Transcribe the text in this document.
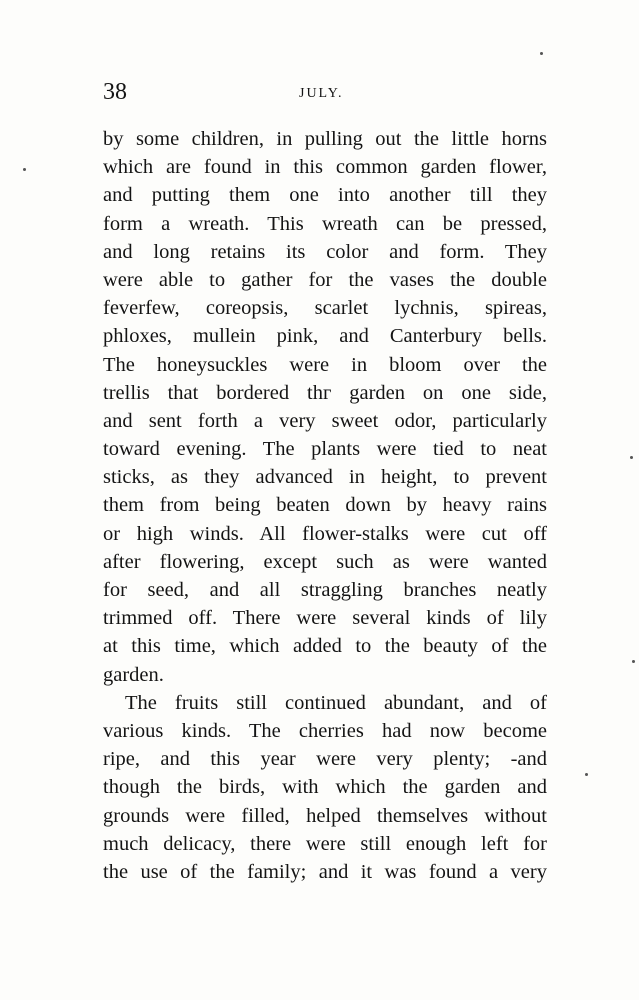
38	JULY.
by some children, in pulling out the little horns
which are found in this common garden flower,
and putting them one into another till they
form a wreath. This wreath can be pressed,
and long retains its color and form. They
were able to gather for the vases the double
feverfew, coreopsis, scarlet lychnis, spireas,
phloxes, mullein pink, and Canterbury bells.
The honeysuckles were in bloom over the
trellis that bordered thᴦ garden on one side,
and sent forth a very sweet odor, particularly
toward evening. The plants were tied to neat
sticks, as they advanced in height, to prevent
them from being beaten down by heavy rains
or high winds. All flower-stalks were cut off
after flowering, except such as were wanted
for seed, and all straggling branches neatly
trimmed off. There were several kinds of lily
at this time, which added to the beauty of the
garden.
The fruits still continued abundant, and of
various kinds. The cherries had now become
ripe, and this year were very plenty; -and
though the birds, with which the garden and
grounds were filled, helped themselves without
much delicacy, there were still enough left for
the use of the family; and it was found a very
